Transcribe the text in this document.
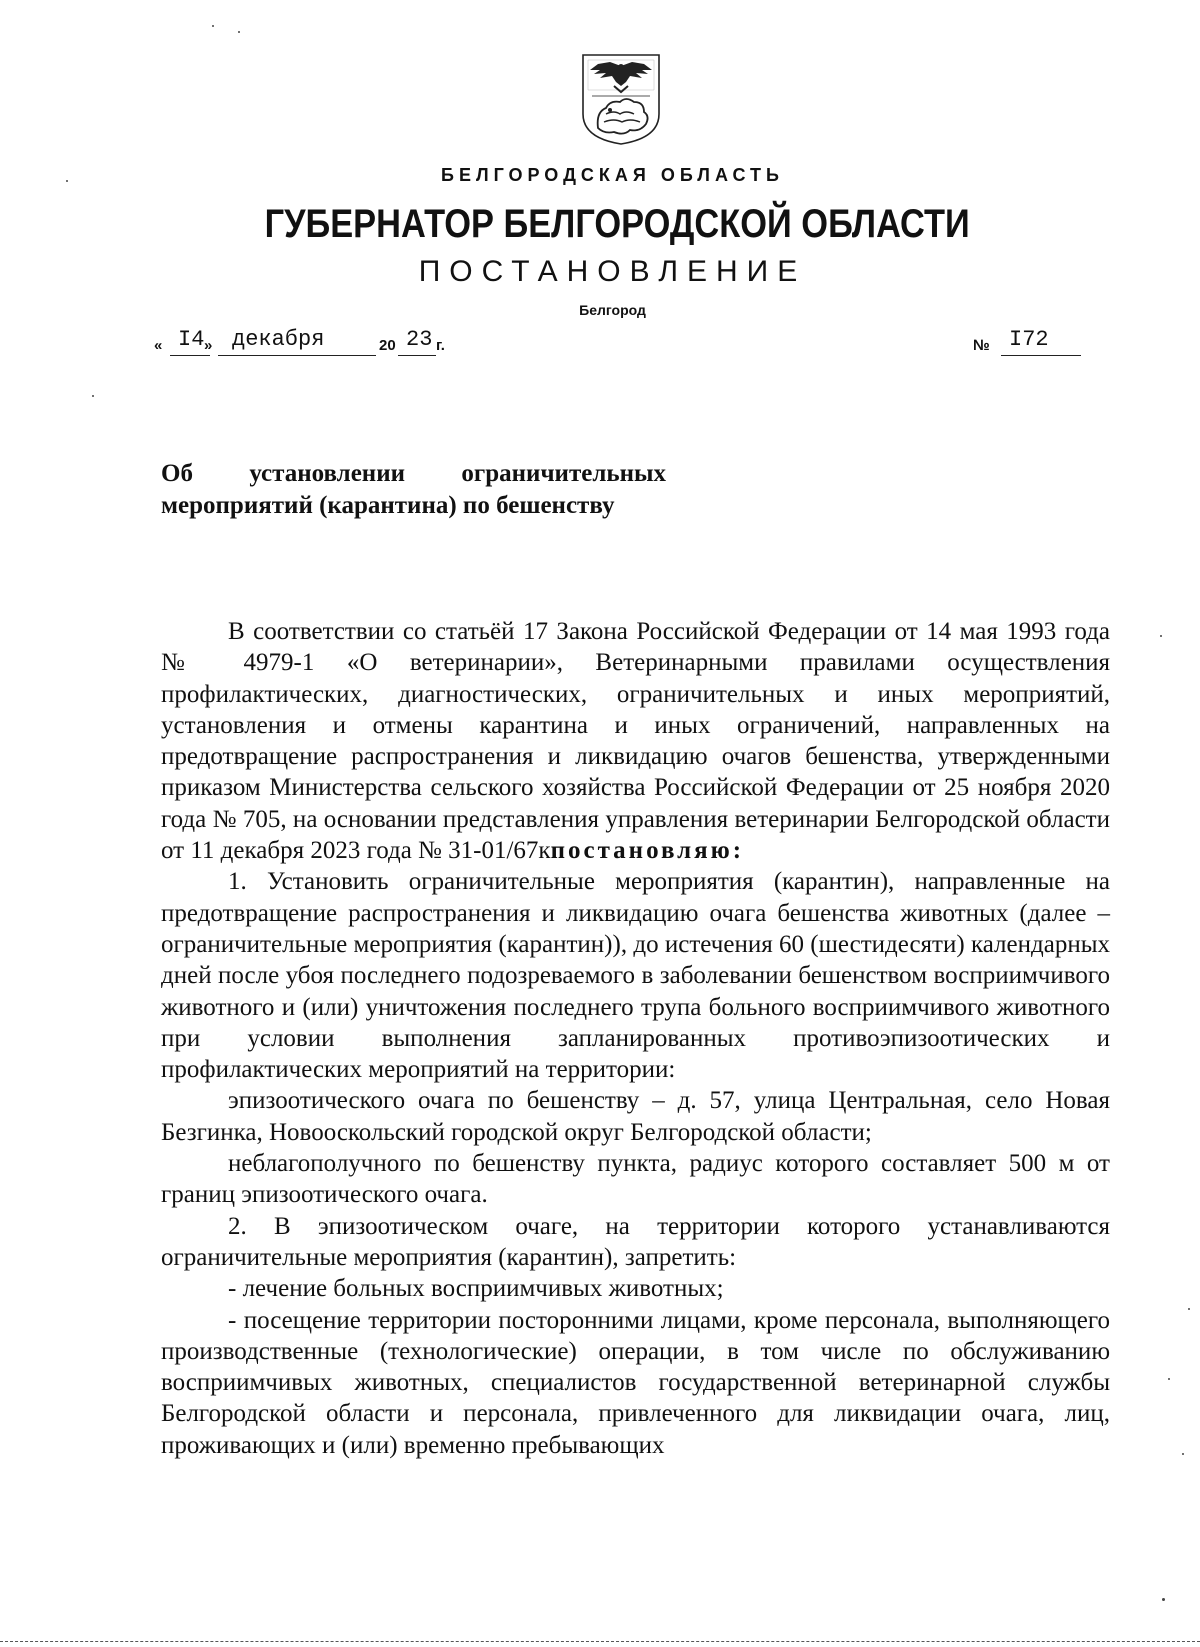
БЕЛГОРОДСКАЯ ОБЛАСТЬ
ГУБЕРНАТОР БЕЛГОРОДСКОЙ ОБЛАСТИ
ПОСТАНОВЛЕНИЕ
Белгород
« I4 » декабря	20 23 г.	№ I72
Об установлении ограничительных
мероприятий (карантина) по бешенству

В соответствии со статьёй 17 Закона Российской Федерации от 14 мая 1993 года № 4979-1 «О ветеринарии», Ветеринарными правилами осуществления профилактических, диагностических, ограничительных и иных мероприятий, установления и отмены карантина и иных ограничений, направленных на предотвращение распространения и ликвидацию очагов бешенства, утвержденными приказом Министерства сельского хозяйства Российской Федерации от 25 ноября 2020 года № 705, на основании представления управления ветеринарии Белгородской области от 11 декабря 2023 года № 31-01/67кпостановляю:

1. Установить ограничительные мероприятия (карантин), направленные на предотвращение распространения и ликвидацию очага бешенства животных (далее – ограничительные мероприятия (карантин)), до истечения 60 (шестидесяти) календарных дней после убоя последнего подозреваемого в заболевании бешенством восприимчивого животного и (или) уничтожения последнего трупа больного восприимчивого животного при условии выполнения запланированных противоэпизоотических и профилактических мероприятий на территории:

эпизоотического очага по бешенству – д. 57, улица Центральная, село Новая Безгинка, Новооскольский городской округ Белгородской области;

неблагополучного по бешенству пункта, радиус которого составляет 500 м от границ эпизоотического очага.

2. В эпизоотическом очаге, на территории которого устанавливаются ограничительные мероприятия (карантин), запретить:

- лечение больных восприимчивых животных;

- посещение территории посторонними лицами, кроме персонала, выполняющего производственные (технологические) операции, в том числе по обслуживанию восприимчивых животных, специалистов государственной ветеринарной службы Белгородской области и персонала, привлеченного для ликвидации очага, лиц, проживающих и (или) временно пребывающих
